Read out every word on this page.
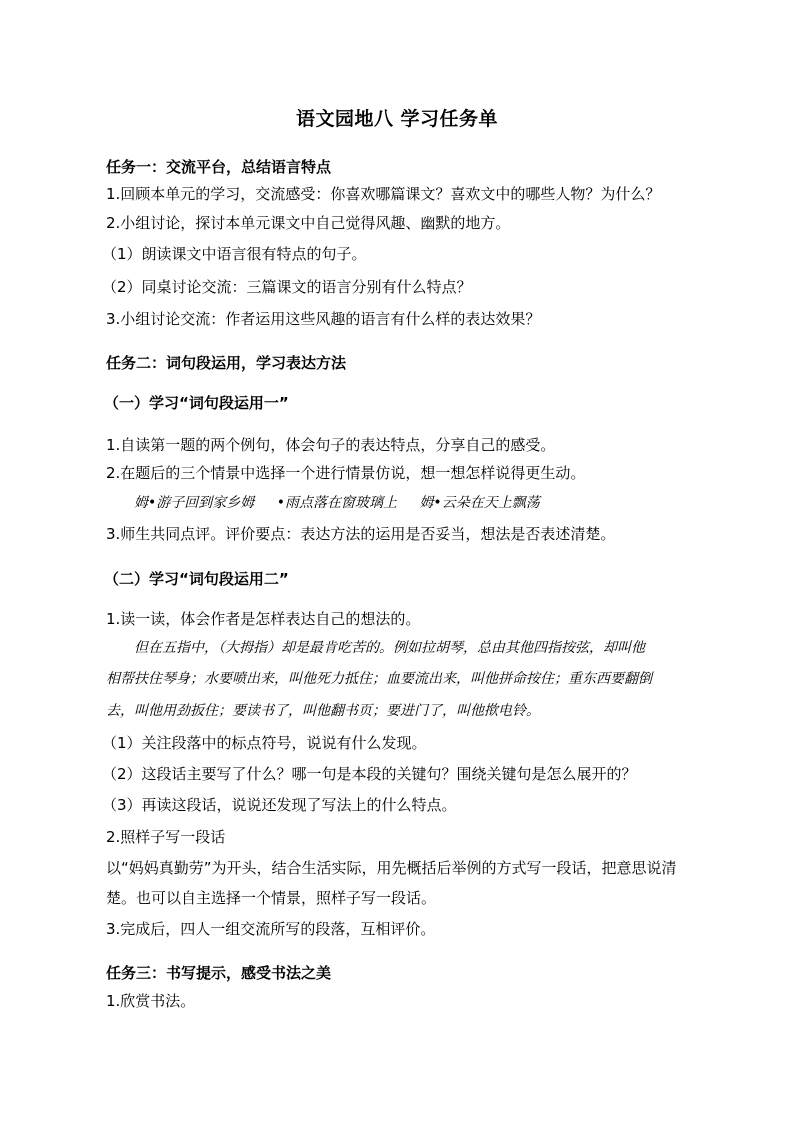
语文园地八 学习任务单
任务一：交流平台，总结语言特点
1.回顾本单元的学习，交流感受：你喜欢哪篇课文？喜欢文中的哪些人物？为什么？
2.小组讨论，探讨本单元课文中自己觉得风趣、幽默的地方。
（1）朗读课文中语言很有特点的句子。
（2）同桌讨论交流：三篇课文的语言分别有什么特点？
3.小组讨论交流：作者运用这些风趣的语言有什么样的表达效果？
任务二：词句段运用，学习表达方法
（一）学习“词句段运用一”
1.自读第一题的两个例句，体会句子的表达特点，分享自己的感受。
2.在题后的三个情景中选择一个进行情景仿说，想一想怎样说得更生动。
姆•游子回到家乡姆 •雨点落在窗玻璃上 姆•云朵在天上飘荡
3.师生共同点评。评价要点：表达方法的运用是否妥当，想法是否表述清楚。
（二）学习“词句段运用二”
1.读一读，体会作者是怎样表达自己的想法的。
但在五指中，（大拇指）却是最肯吃苦的。例如拉胡琴，总由其他四指按弦，却叫他
相帮扶住琴身；水要喷出来，叫他死力抵住；血要流出来，叫他拼命按住；重东西要翻倒
去，叫他用劲扳住；要读书了，叫他翻书页；要进门了，叫他揿电铃。
（1）关注段落中的标点符号，说说有什么发现。
（2）这段话主要写了什么？哪一句是本段的关键句？围绕关键句是怎么展开的？
（3）再读这段话，说说还发现了写法上的什么特点。
2.照样子写一段话
以“妈妈真勤劳”为开头，结合生活实际，用先概括后举例的方式写一段话，把意思说清
楚。也可以自主选择一个情景，照样子写一段话。
3.完成后，四人一组交流所写的段落，互相评价。
任务三：书写提示，感受书法之美
1.欣赏书法。
